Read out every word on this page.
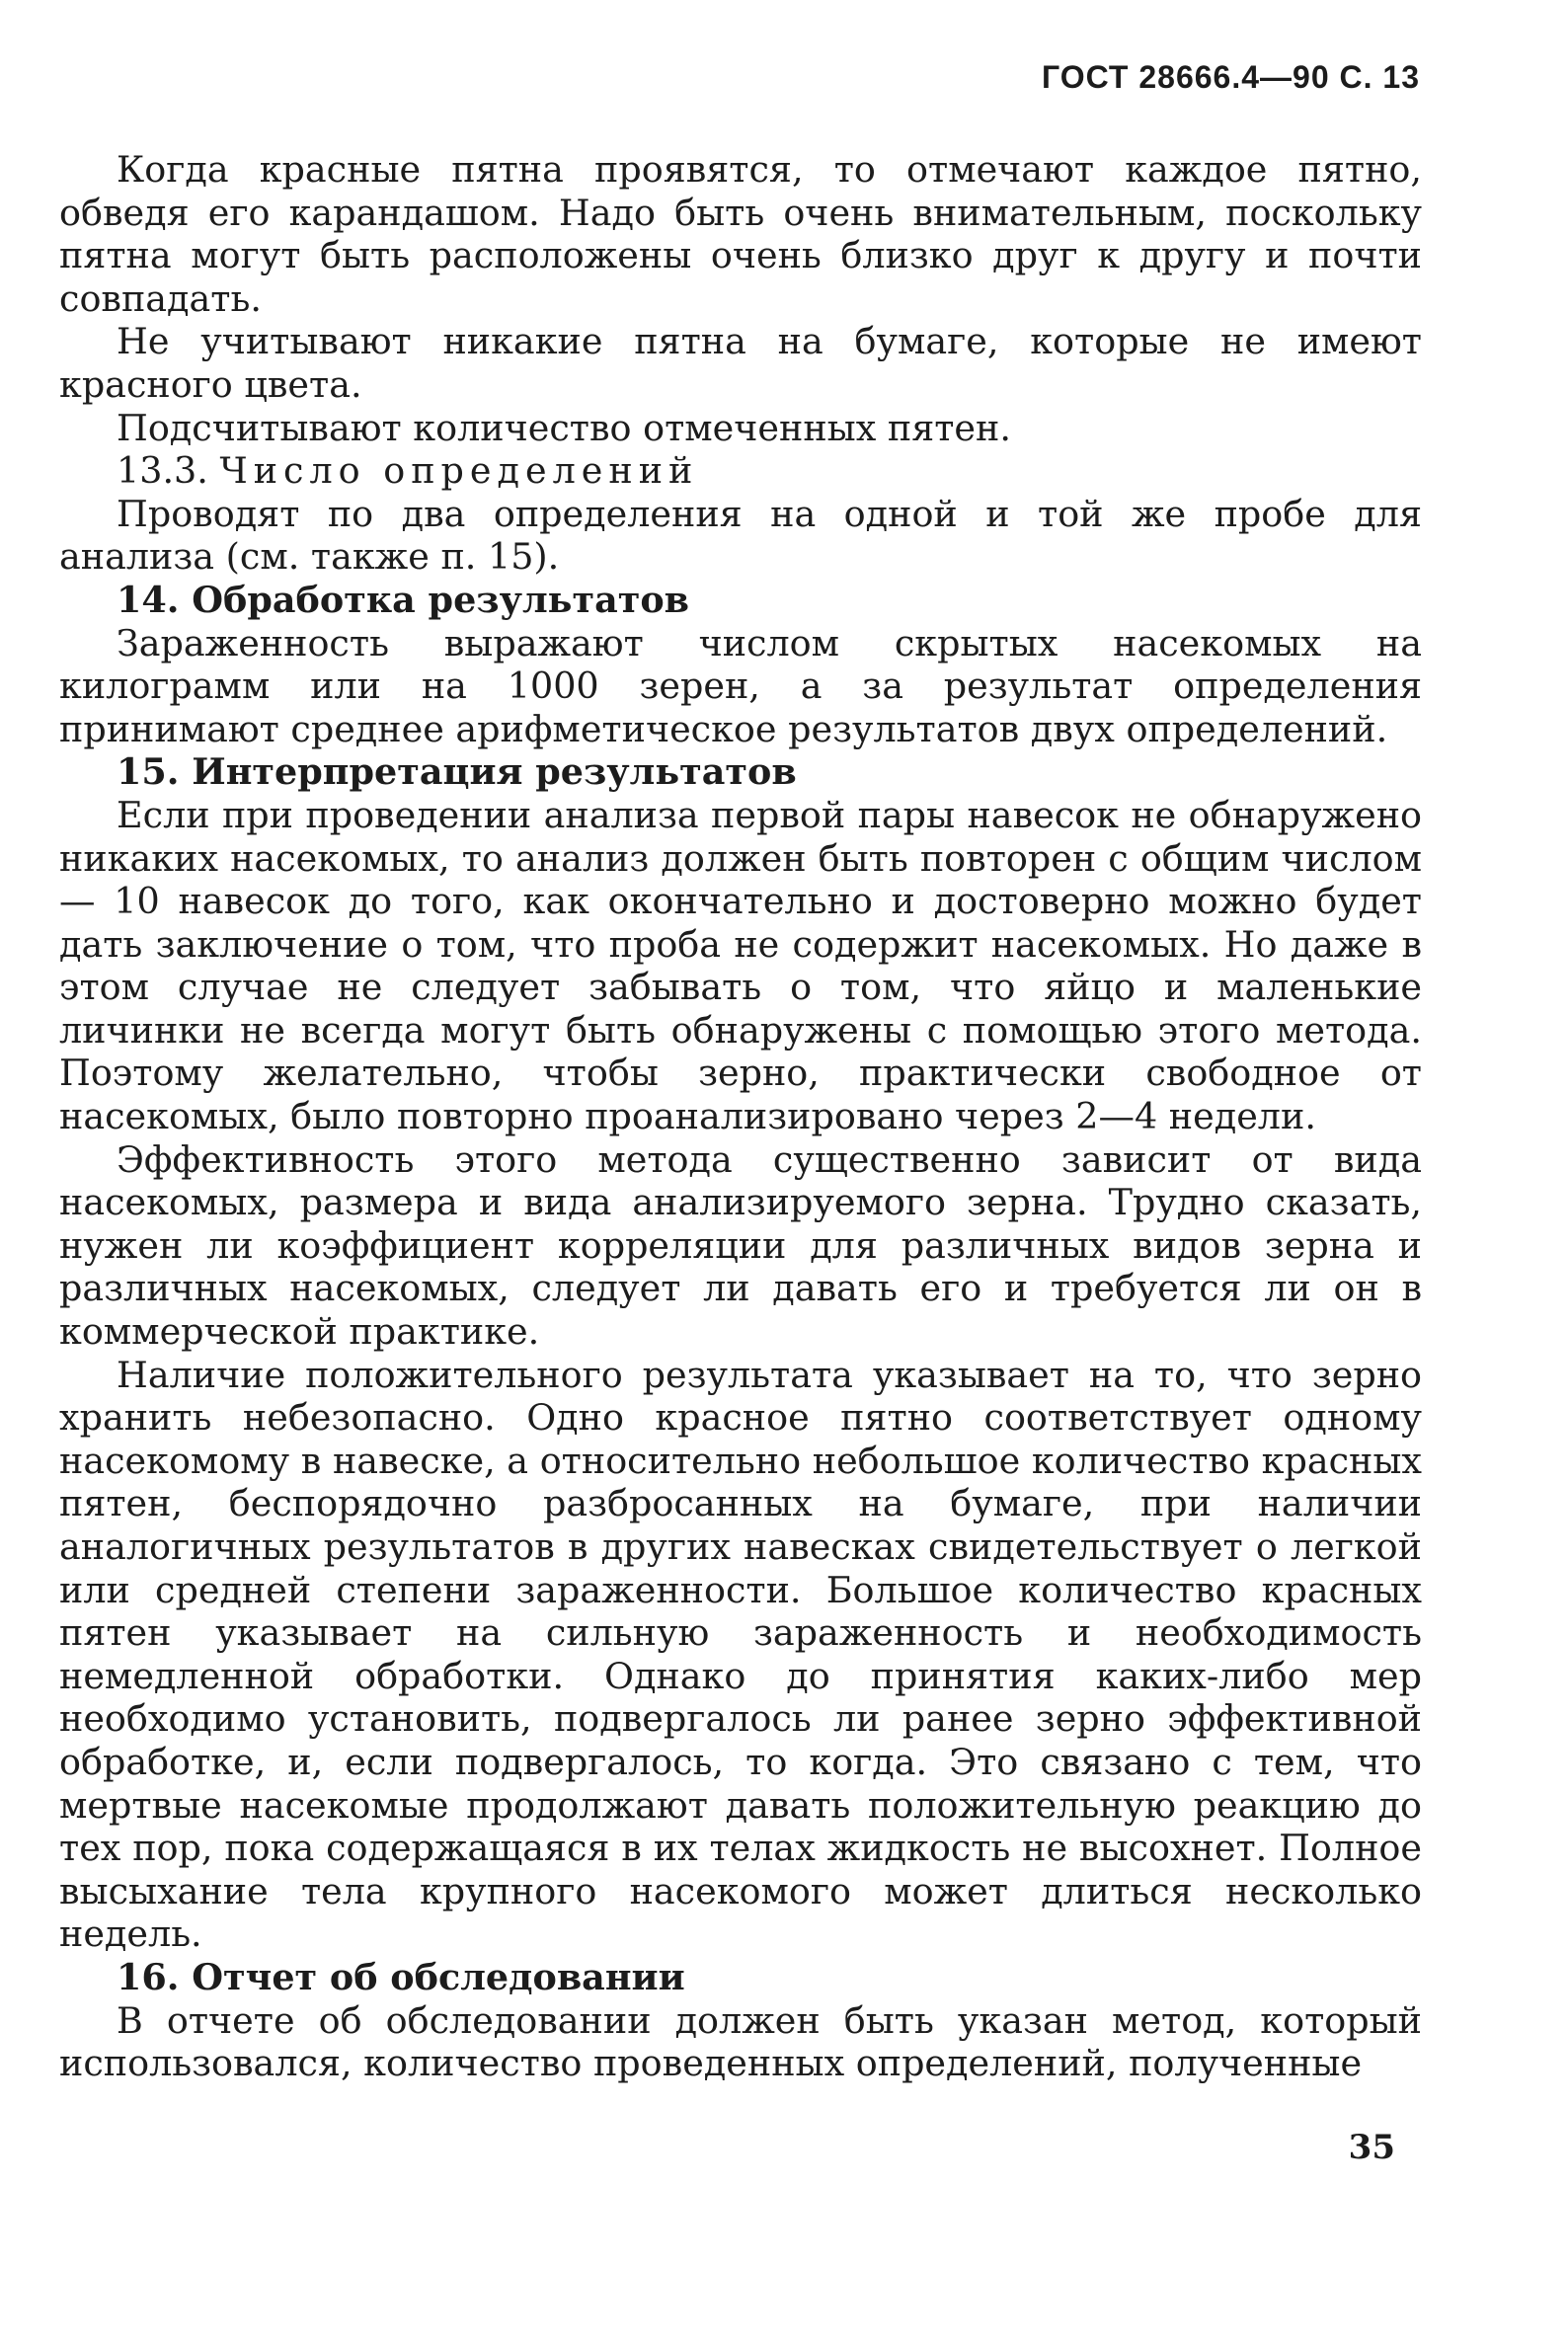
ГОСТ 28666.4—90 С. 13

Когда красные пятна проявятся, то отмечают каждое пятно, обведя его карандашом. Надо быть очень внимательным, поскольку пятна могут быть расположены очень близко друг к другу и почти совпадать.

Не учитывают никакие пятна на бумаге, которые не имеют красного цвета.

Подсчитывают количество отмеченных пятен.

13.3. Число определений

Проводят по два определения на одной и той же пробе для анализа (см. также п. 15).

14. Обработка результатов

Зараженность выражают числом скрытых насекомых на килограмм или на 1000 зерен, а за результат определения принимают среднее арифметическое результатов двух определений.

15. Интерпретация результатов

Если при проведении анализа первой пары навесок не обнаружено никаких насекомых, то анализ должен быть повторен с общим числом — 10 навесок до того, как окончательно и достоверно можно будет дать заключение о том, что проба не содержит насекомых. Но даже в этом случае не следует забывать о том, что яйцо и маленькие личинки не всегда могут быть обнаружены с помощью этого метода. Поэтому желательно, чтобы зерно, практически свободное от насекомых, было повторно проанализировано через 2—4 недели.

Эффективность этого метода существенно зависит от вида насекомых, размера и вида анализируемого зерна. Трудно сказать, нужен ли коэффициент корреляции для различных видов зерна и различных насекомых, следует ли давать его и требуется ли он в коммерческой практике.

Наличие положительного результата указывает на то, что зерно хранить небезопасно. Одно красное пятно соответствует одному насекомому в навеске, а относительно небольшое количество красных пятен, беспорядочно разбросанных на бумаге, при наличии аналогичных результатов в других навесках свидетельствует о легкой или средней степени зараженности. Большое количество красных пятен указывает на сильную зараженность и необходимость немедленной обработки. Однако до принятия каких-либо мер необходимо установить, подвергалось ли ранее зерно эффективной обработке, и, если подвергалось, то когда. Это связано с тем, что мертвые насекомые продолжают давать положительную реакцию до тех пор, пока содержащаяся в их телах жидкость не высохнет. Полное высыхание тела крупного насекомого может длиться несколько недель.

16. Отчет об обследовании

В отчете об обследовании должен быть указан метод, который использовался, количество проведенных определений, полученные

35
